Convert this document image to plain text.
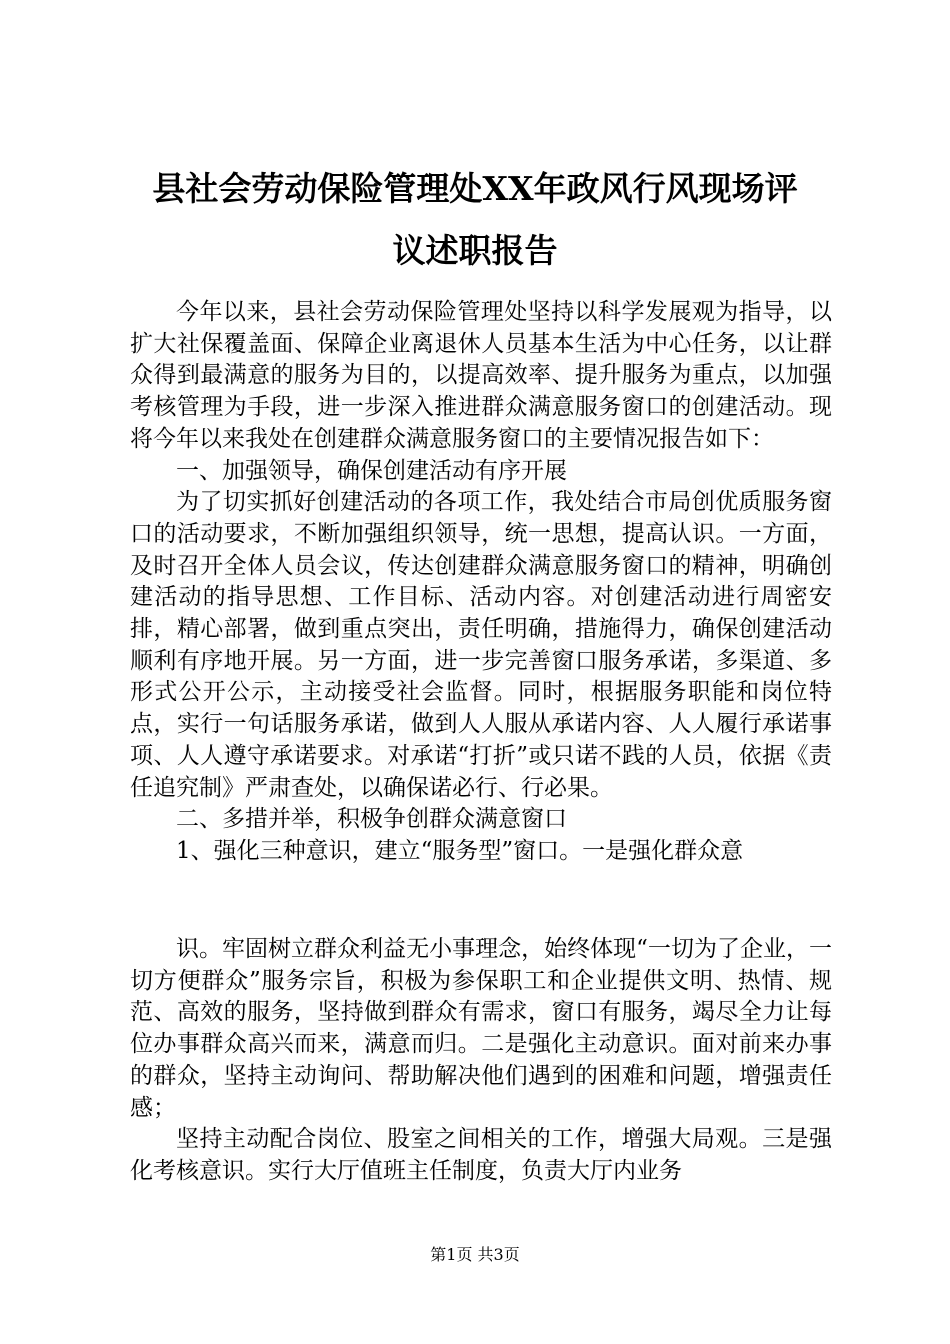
县社会劳动保险管理处XX年政风行风现场评
议述职报告

今年以来，县社会劳动保险管理处坚持以科学发展观为指导，以扩大社保覆盖面、保障企业离退休人员基本生活为中心任务，以让群众得到最满意的服务为目的，以提高效率、提升服务为重点，以加强考核管理为手段，进一步深入推进群众满意服务窗口的创建活动。现将今年以来我处在创建群众满意服务窗口的主要情况报告如下：

一、加强领导，确保创建活动有序开展

为了切实抓好创建活动的各项工作，我处结合市局创优质服务窗口的活动要求，不断加强组织领导，统一思想，提高认识。一方面，及时召开全体人员会议，传达创建群众满意服务窗口的精神，明确创建活动的指导思想、工作目标、活动内容。对创建活动进行周密安排，精心部署，做到重点突出，责任明确，措施得力，确保创建活动顺利有序地开展。另一方面，进一步完善窗口服务承诺，多渠道、多形式公开公示，主动接受社会监督。同时，根据服务职能和岗位特点，实行一句话服务承诺，做到人人服从承诺内容、人人履行承诺事项、人人遵守承诺要求。对承诺“打折”或只诺不践的人员，依据《责任追究制》严肃查处，以确保诺必行、行必果。

二、多措并举，积极争创群众满意窗口

1、强化三种意识，建立“服务型”窗口。一是强化群众意

识。牢固树立群众利益无小事理念，始终体现“一切为了企业，一切方便群众”服务宗旨，积极为参保职工和企业提供文明、热情、规范、高效的服务，坚持做到群众有需求，窗口有服务，竭尽全力让每位办事群众高兴而来，满意而归。二是强化主动意识。面对前来办事的群众，坚持主动询问、帮助解决他们遇到的困难和问题，增强责任感；

坚持主动配合岗位、股室之间相关的工作，增强大局观。三是强化考核意识。实行大厅值班主任制度，负责大厅内业务

第1页 共3页
